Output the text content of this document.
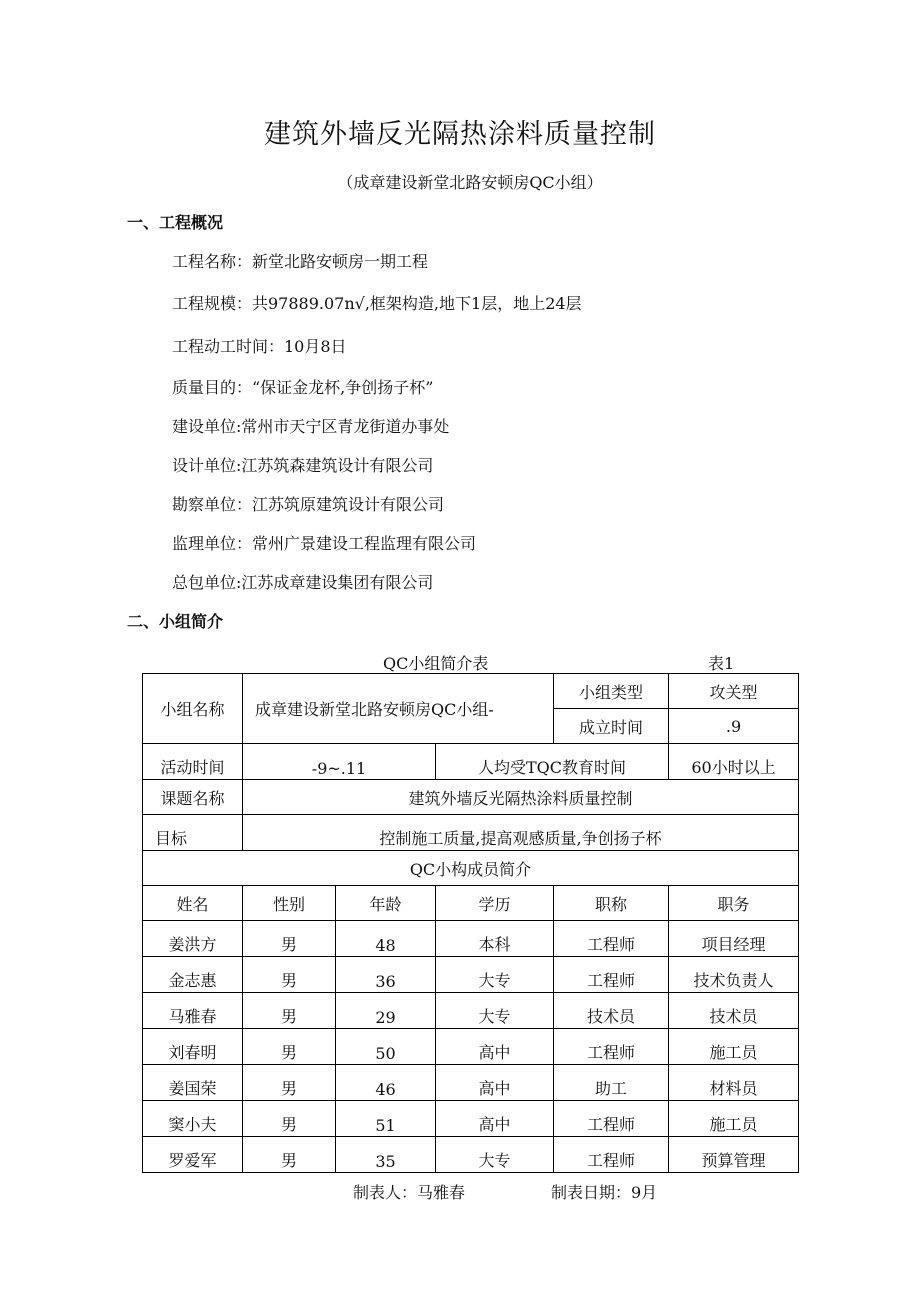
建筑外墙反光隔热涂料质量控制
（成章建设新堂北路安顿房QC小组）
一、工程概况
工程名称：新堂北路安顿房一期工程
工程规模：共97889.07n√,框架构造,地下1层，地上24层
工程动工时间：10月8日
质量目的：“保证金龙杯,争创扬子杯”
建设单位:常州市天宁区青龙街道办事处
设计单位:江苏筑森建筑设计有限公司
勘察单位：江苏筑原建筑设计有限公司
监理单位：常州广景建设工程监理有限公司
总包单位:江苏成章建设集团有限公司
二、小组简介
QC小组简介表	表1
小组名称	成章建设新堂北路安顿房QC小组-			小组类型	攻关型
				成立时间	.9
活动时间	-9~.11		人均受TQC教育时间		60小时以上
课题名称	建筑外墙反光隔热涂料质量控制				
目标	控制施工质量,提高观感质量,争创扬子杯				
QC小构成员简介					
姓名	性别	年龄	学历	职称	职务
姜洪方	男	48	本科	工程师	项目经理
金志惠	男	36	大专	工程师	技术负责人
马雅春	男	29	大专	技术员	技术员
刘春明	男	50	高中	工程师	施工员
姜国荣	男	46	高中	助工	材料员
窦小夫	男	51	高中	工程师	施工员
罗爱军	男	35	大专	工程师	预算管理
制表人：马雅春	制表日期：9月
